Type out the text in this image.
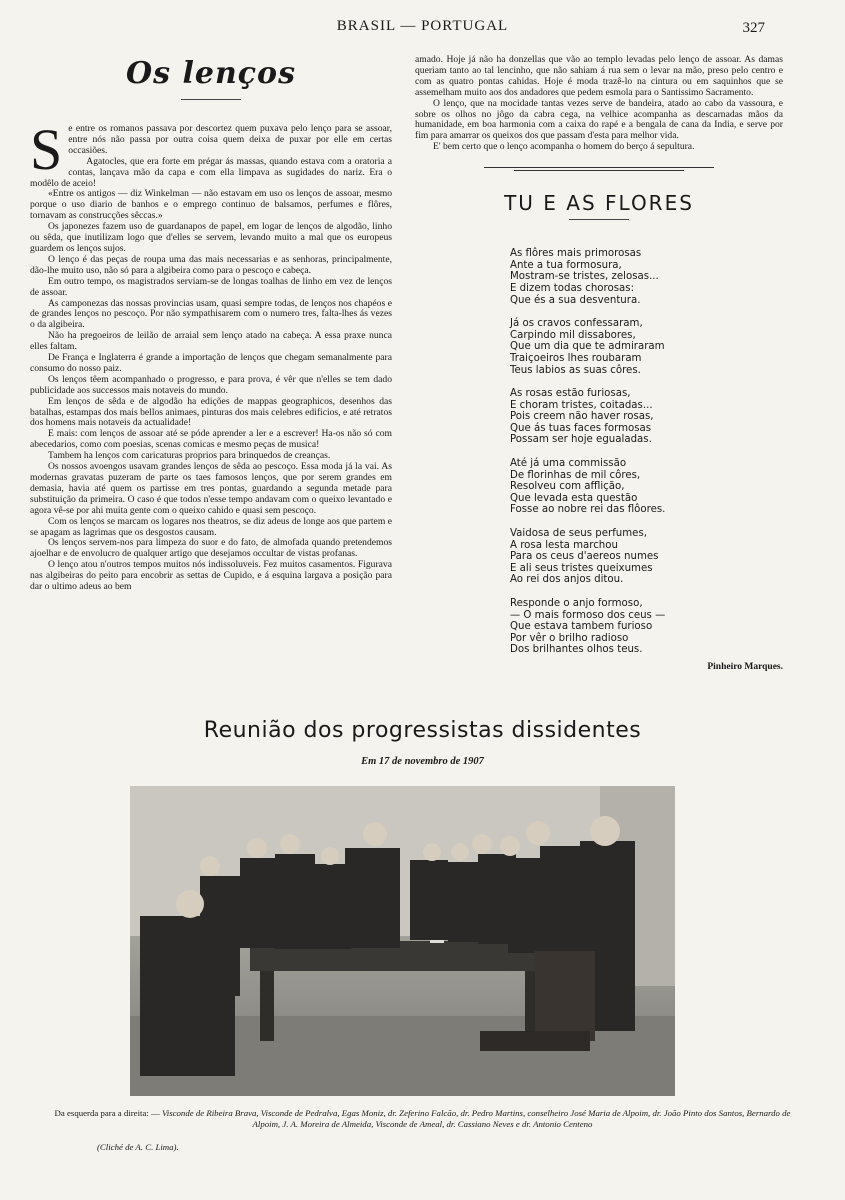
BRASIL — PORTUGAL	327
Os lenços

Se entre os romanos passava por descortez quem puxava pelo lenço para se assoar, entre nós não passa por outra coisa quem deixa de puxar por elle em certas occasiões.

Agatocles, que era forte em prégar ás massas, quando estava com a oratoria a contas, lançava mão da capa e com ella limpava as sugidades do nariz. Era o modêlo de aceio!

«Entre os antigos — diz Winkelman — não estavam em uso os lenços de assoar, mesmo porque o uso diario de banhos e o emprego continuo de balsamos, perfumes e flôres, tornavam as construcções sêccas.»

Os japonezes fazem uso de guardanapos de papel, em logar de lenços de algodão, linho ou sêda, que inutilizam logo que d'elles se servem, levando muito a mal que os europeus guardem os lenços sujos.

O lenço é das peças de roupa uma das mais necessarias e as senhoras, principalmente, dão-lhe muito uso, não só para a algibeira como para o pescoço e cabeça.

Em outro tempo, os magistrados serviam-se de longas toalhas de linho em vez de lenços de assoar.

As camponezas das nossas provincias usam, quasi sempre todas, de lenços nos chapéos e de grandes lenços no pescoço. Por não sympathisarem com o numero tres, falta-lhes ás vezes o da algibeira.

Não ha pregoeiros de leilão de arraial sem lenço atado na cabeça. A essa praxe nunca elles faltam.

De França e Inglaterra é grande a importação de lenços que chegam semanalmente para consumo do nosso paiz.

Os lenços têem acompanhado o progresso, e para prova, é vêr que n'elles se tem dado publicidade aos successos mais notaveis do mundo.

Em lenços de sêda e de algodão ha edições de mappas geographicos, desenhos das batalhas, estampas dos mais bellos animaes, pinturas dos mais celebres edificios, e até retratos dos homens mais notaveis da actualidade!

E mais: com lenços de assoar até se póde aprender a ler e a escrever! Ha-os não só com abecedarios, como com poesias, scenas comicas e mesmo peças de musica!

Tambem ha lenços com caricaturas proprios para brinquedos de creanças.

Os nossos avoengos usavam grandes lenços de sêda ao pescoço. Essa moda já la vai. As modernas gravatas puzeram de parte os taes famosos lenços, que por serem grandes em demasia, havia até quem os partisse em tres pontas, guardando a segunda metade para substituição da primeira. O caso é que todos n'esse tempo andavam com o queixo levantado e agora vê-se por ahi muita gente com o queixo cahido e quasi sem pescoço.

Com os lenços se marcam os logares nos theatros, se diz adeus de longe aos que partem e se apagam as lagrimas que os desgostos causam.

Os lenços servem-nos para limpeza do suor e do fato, de almofada quando pretendemos ajoelhar e de envolucro de qualquer artigo que desejamos occultar de vistas profanas.

O lenço atou n'outros tempos muitos nós indissoluveis. Fez muitos casamentos. Figurava nas algibeiras do peito para encobrir as settas de Cupido, e á esquina largava a posição para dar o ultimo adeus ao bem

amado. Hoje já não ha donzellas que vão ao templo levadas pelo lenço de assoar. As damas queriam tanto ao tal lencinho, que não sahiam á rua sem o levar na mão, preso pelo centro e com as quatro pontas cahidas. Hoje é moda trazê-lo na cintura ou em saquinhos que se assemelham muito aos dos andadores que pedem esmola para o Santissimo Sacramento.

O lenço, que na mocidade tantas vezes serve de bandeira, atado ao cabo da vassoura, e sobre os olhos no jôgo da cabra cega, na velhice acompanha as descarnadas mãos da humanidade, em boa harmonia com a caixa do rapé e a bengala de cana da India, e serve por fim para amarrar os queixos dos que passam d'esta para melhor vida.

E' bem certo que o lenço acompanha o homem do berço á sepultura.

TU E AS FLORES
As flôres mais primorosas
Ante a tua formosura,
Mostram-se tristes, zelosas...
E dizem todas chorosas:
Que és a sua desventura.
Já os cravos confessaram,
Carpindo mil dissabores,
Que um dia que te admiraram
Traiçoeiros lhes roubaram
Teus labios as suas côres.
As rosas estão furiosas,
E choram tristes, coitadas...
Pois creem não haver rosas,
Que ás tuas faces formosas
Possam ser hoje egualadas.
Até já uma commissão
De florinhas de mil côres,
Resolveu com afflição,
Que levada esta questão
Fosse ao nobre rei das flôores.
Vaidosa de seus perfumes,
A rosa lesta marchou
Para os ceus d'aereos numes
E ali seus tristes queixumes
Ao rei dos anjos ditou.
Responde o anjo formoso,
— O mais formoso dos ceus —
Que estava tambem furioso
Por vêr o brilho radioso
Dos brilhantes olhos teus.
Pinheiro Marques.
Reunião dos progressistas dissidentes
Em 17 de novembro de 1907
Da esquerda para a direita: — Visconde de Ribeira Brava, Visconde de Pedralva, Egas Moniz, dr. Zeferino Falcão, dr. Pedro Martins, conselheiro José Maria de Alpoim, dr. João Pinto dos Santos, Bernardo de Alpoim, J. A. Moreira de Almeida, Visconde de Ameal, dr. Cassiano Neves e dr. Antonio Centeno
(Cliché de A. C. Lima).
